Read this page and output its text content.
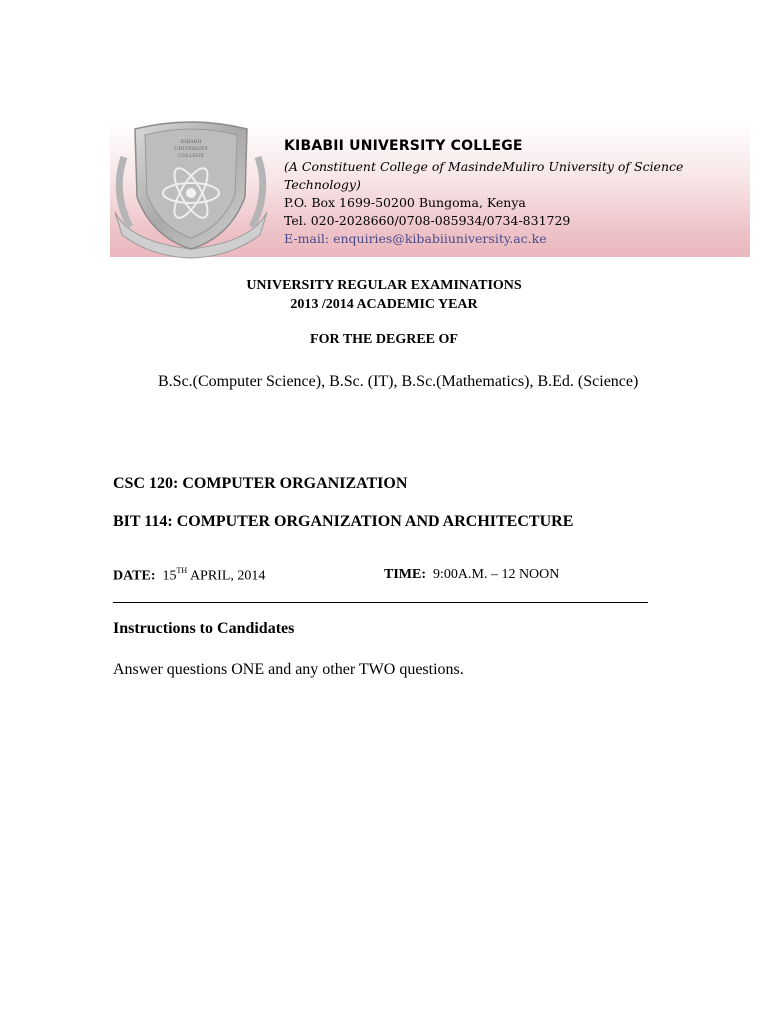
KIBABII
UNIVERSITY
COLLEGE
KIBABII UNIVERSITY COLLEGE
(A Constituent College of MasindeMuliro University of Science Technology)
P.O. Box 1699-50200 Bungoma, Kenya
Tel. 020-2028660/0708-085934/0734-831729
E-mail: enquiries@kibabiiuniversity.ac.ke
UNIVERSITY REGULAR EXAMINATIONS
2013 /2014 ACADEMIC YEAR
FOR THE DEGREE OF
B.Sc.(Computer Science), B.Sc. (IT), B.Sc.(Mathematics), B.Ed. (Science)
CSC 120: COMPUTER ORGANIZATION
BIT 114: COMPUTER ORGANIZATION AND ARCHITECTURE
DATE: 15TH APRIL, 2014	TIME: 9:00A.M. – 12 NOON
Instructions to Candidates
Answer questions ONE and any other TWO questions.
